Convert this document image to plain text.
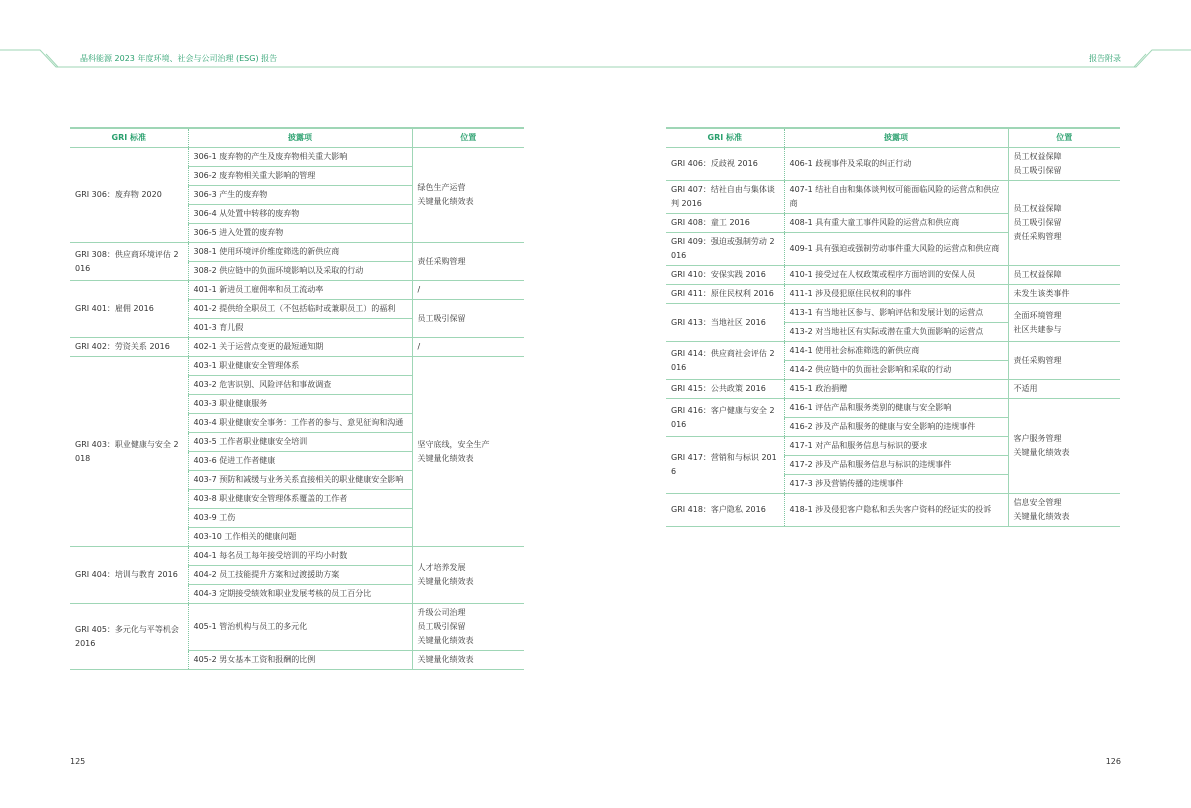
晶科能源 2023 年度环境、社会与公司治理 (ESG) 报告	报告附录
GRI 标准	披露项	位置
GRI 306：废弃物 2020	306-1 废弃物的产生及废弃物相关重大影响	绿色生产运营
关键量化绩效表

	306-2 废弃物相关重大影响的管理	
	306-3 产生的废弃物	
	306-4 从处置中转移的废弃物	
	306-5 进入处置的废弃物	
GRI 308：供应商环境评估 2016	308-1 使用环境评价维度筛选的新供应商	责任采购管理

	308-2 供应链中的负面环境影响以及采取的行动	
GRI 401：雇佣 2016	401-1 新进员工雇佣率和员工流动率	/

	401-2 提供给全职员工（不包括临时或兼职员工）的福利	员工吸引保留

	401-3 育儿假	
GRI 402：劳资关系 2016	402-1 关于运营点变更的最短通知期	/

GRI 403：职业健康与安全 2018	403-1 职业健康安全管理体系	坚守底线，安全生产
关键量化绩效表

	403-2 危害识别、风险评估和事故调查	
	403-3 职业健康服务	
	403-4 职业健康安全事务：工作者的参与、意见征询和沟通	
	403-5 工作者职业健康安全培训	
	403-6 促进工作者健康	
	403-7 预防和减缓与业务关系直接相关的职业健康安全影响	
	403-8 职业健康安全管理体系覆盖的工作者	
	403-9 工伤	
	403-10 工作相关的健康问题	
GRI 404：培训与教育 2016	404-1 每名员工每年接受培训的平均小时数	人才培养发展
关键量化绩效表

	404-2 员工技能提升方案和过渡援助方案	
	404-3 定期接受绩效和职业发展考核的员工百分比	
GRI 405：多元化与平等机会 2016	405-1 管治机构与员工的多元化	升级公司治理
员工吸引保留
关键量化绩效表

	405-2 男女基本工资和报酬的比例	关键量化绩效表
GRI 标准	披露项	位置
GRI 406：反歧视 2016	406-1 歧视事件及采取的纠正行动	员工权益保障
员工吸引保留

GRI 407：结社自由与集体谈判 2016	407-1 结社自由和集体谈判权可能面临风险的运营点和供应商	员工权益保障
员工吸引保留
责任采购管理

GRI 408：童工 2016	408-1 具有重大童工事件风险的运营点和供应商	
GRI 409：强迫或强制劳动 2016	409-1 具有强迫或强制劳动事件重大风险的运营点和供应商	
GRI 410：安保实践 2016	410-1 接受过在人权政策或程序方面培训的安保人员	员工权益保障

GRI 411：原住民权利 2016	411-1 涉及侵犯原住民权利的事件	未发生该类事件

GRI 413：当地社区 2016	413-1 有当地社区参与、影响评估和发展计划的运营点	全面环境管理
社区共建参与

	413-2 对当地社区有实际或潜在重大负面影响的运营点	
GRI 414：供应商社会评估 2016	414-1 使用社会标准筛选的新供应商	责任采购管理

	414-2 供应链中的负面社会影响和采取的行动	
GRI 415：公共政策 2016	415-1 政治捐赠	不适用

GRI 416：客户健康与安全 2016	416-1 评估产品和服务类别的健康与安全影响	客户服务管理
关键量化绩效表

	416-2 涉及产品和服务的健康与安全影响的违规事件	
GRI 417：营销和与标识 2016	417-1 对产品和服务信息与标识的要求	
	417-2 涉及产品和服务信息与标识的违规事件	
	417-3 涉及营销传播的违规事件	
GRI 418：客户隐私 2016	418-1 涉及侵犯客户隐私和丢失客户资料的经证实的投诉	信息安全管理
关键量化绩效表
125	126
